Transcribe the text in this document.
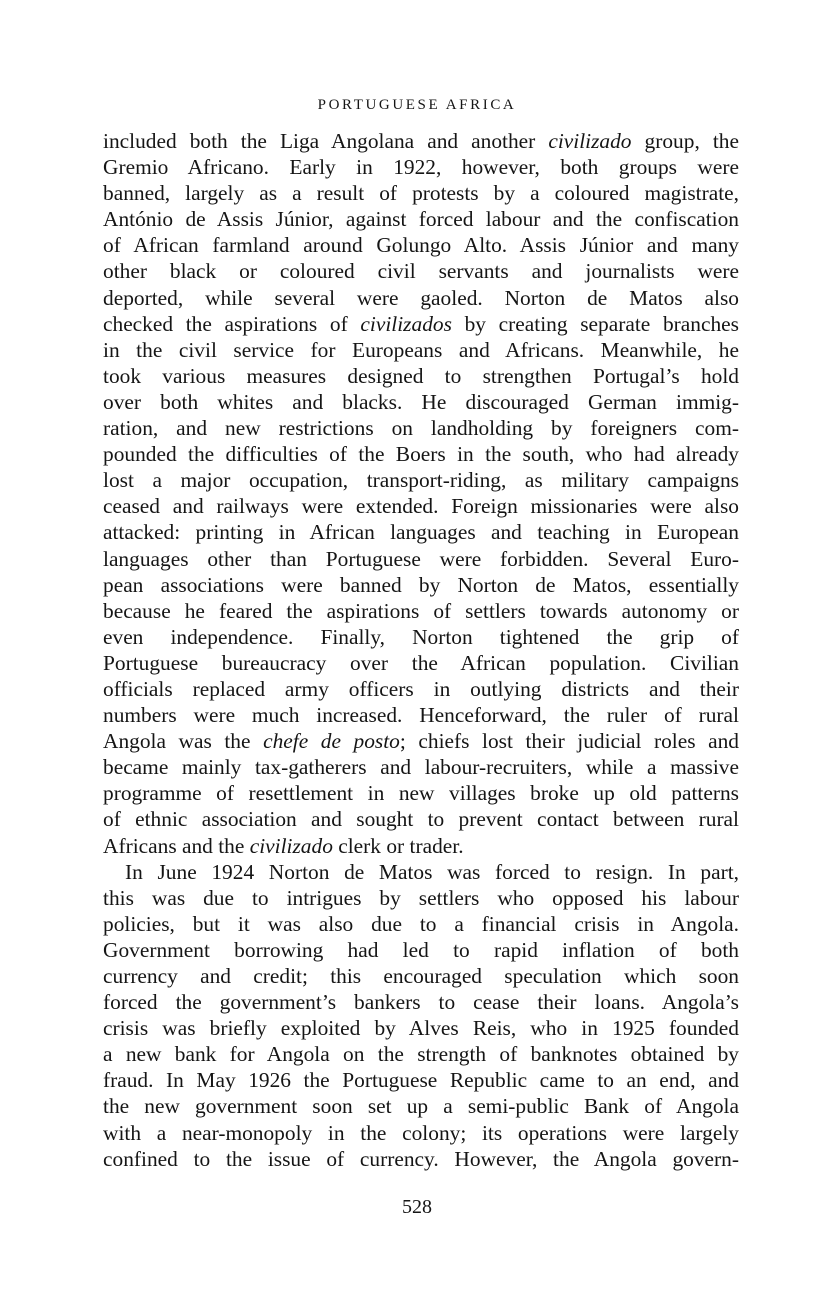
PORTUGUESE AFRICA
included both the Liga Angolana and another civilizado group, the
Gremio Africano. Early in 1922, however, both groups were
banned, largely as a result of protests by a coloured magistrate,
António de Assis Júnior, against forced labour and the confiscation
of African farmland around Golungo Alto. Assis Júnior and many
other black or coloured civil servants and journalists were
deported, while several were gaoled. Norton de Matos also
checked the aspirations of civilizados by creating separate branches
in the civil service for Europeans and Africans. Meanwhile, he
took various measures designed to strengthen Portugal’s hold
over both whites and blacks. He discouraged German immig-
ration, and new restrictions on landholding by foreigners com-
pounded the difficulties of the Boers in the south, who had already
lost a major occupation, transport-riding, as military campaigns
ceased and railways were extended. Foreign missionaries were also
attacked: printing in African languages and teaching in European
languages other than Portuguese were forbidden. Several Euro-
pean associations were banned by Norton de Matos, essentially
because he feared the aspirations of settlers towards autonomy or
even independence. Finally, Norton tightened the grip of
Portuguese bureaucracy over the African population. Civilian
officials replaced army officers in outlying districts and their
numbers were much increased. Henceforward, the ruler of rural
Angola was the chefe de posto; chiefs lost their judicial roles and
became mainly tax-gatherers and labour-recruiters, while a massive
programme of resettlement in new villages broke up old patterns
of ethnic association and sought to prevent contact between rural
Africans and the civilizado clerk or trader.
In June 1924 Norton de Matos was forced to resign. In part,
this was due to intrigues by settlers who opposed his labour
policies, but it was also due to a financial crisis in Angola.
Government borrowing had led to rapid inflation of both
currency and credit; this encouraged speculation which soon
forced the government’s bankers to cease their loans. Angola’s
crisis was briefly exploited by Alves Reis, who in 1925 founded
a new bank for Angola on the strength of banknotes obtained by
fraud. In May 1926 the Portuguese Republic came to an end, and
the new government soon set up a semi-public Bank of Angola
with a near-monopoly in the colony; its operations were largely
confined to the issue of currency. However, the Angola govern-
528
